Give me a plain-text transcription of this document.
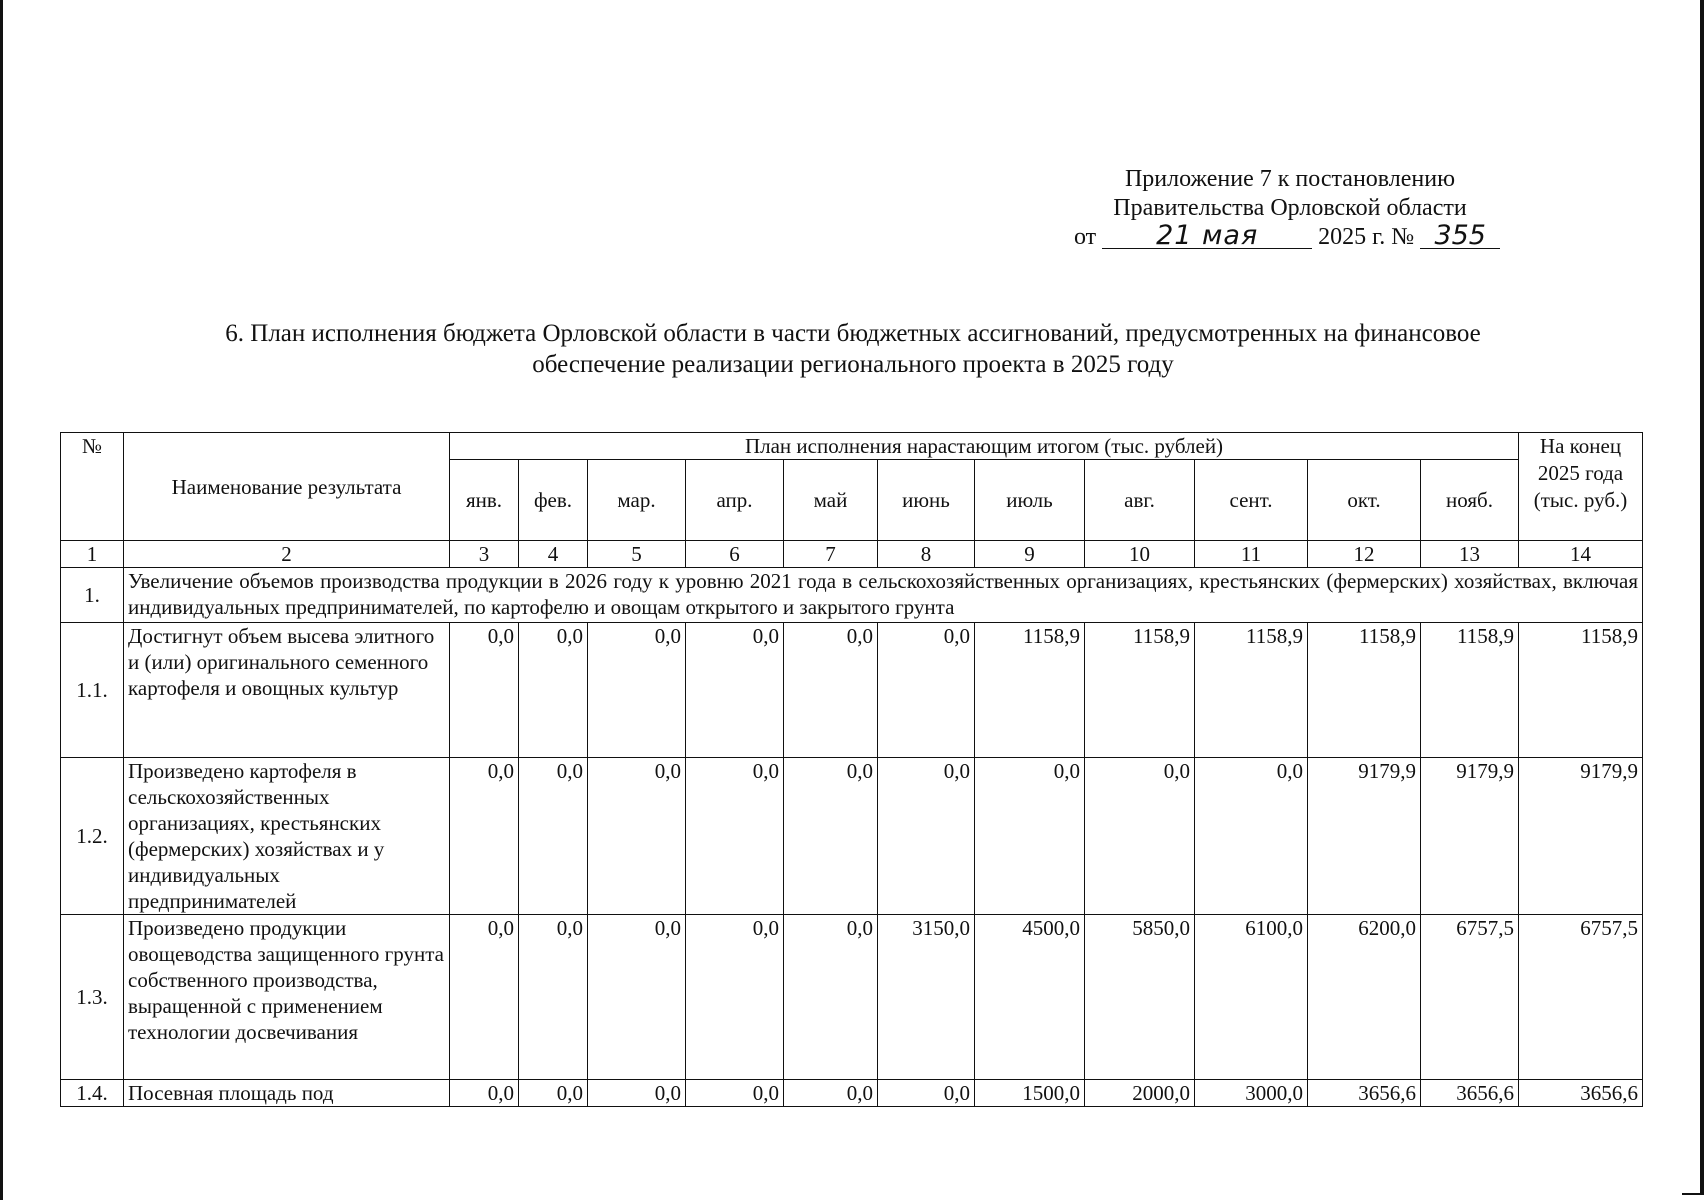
Приложение 7 к постановлению
Правительства Орловской области
от 21 мая 2025 г. № 355
6. План исполнения бюджета Орловской области в части бюджетных ассигнований, предусмотренных на финансовое
обеспечение реализации регионального проекта в 2025 году
№	Наименование результата	План исполнения нарастающим итогом (тыс. рублей)											На конец 2025 года (тыс. руб.)
		янв.	фев.	мар.	апр.	май	июнь	июль	авг.	сент.	окт.	нояб.	
1	2	3	4	5	6	7	8	9	10	11	12	13	14
1.	Увеличение объемов производства продукции в 2026 году к уровню 2021 года в сельскохозяйственных организациях, крестьянских (фермерских) хозяйствах, включая индивидуальных предпринимателей, по картофелю и овощам открытого и закрытого грунта												
1.1.	Достигнут объем высева элитного и (или) оригинального семенного картофеля и овощных культур	0,0	0,0	0,0	0,0	0,0	0,0	1158,9	1158,9	1158,9	1158,9	1158,9	1158,9
1.2.	Произведено картофеля в сельскохозяйственных организациях, крестьянских (фермерских) хозяйствах и у индивидуальных предпринимателей	0,0	0,0	0,0	0,0	0,0	0,0	0,0	0,0	0,0	9179,9	9179,9	9179,9
1.3.	Произведено продукции овощеводства защищенного грунта собственного производства, выращенной с применением технологии досвечивания	0,0	0,0	0,0	0,0	0,0	3150,0	4500,0	5850,0	6100,0	6200,0	6757,5	6757,5
1.4.	Посевная площадь под	0,0	0,0	0,0	0,0	0,0	0,0	1500,0	2000,0	3000,0	3656,6	3656,6	3656,6
